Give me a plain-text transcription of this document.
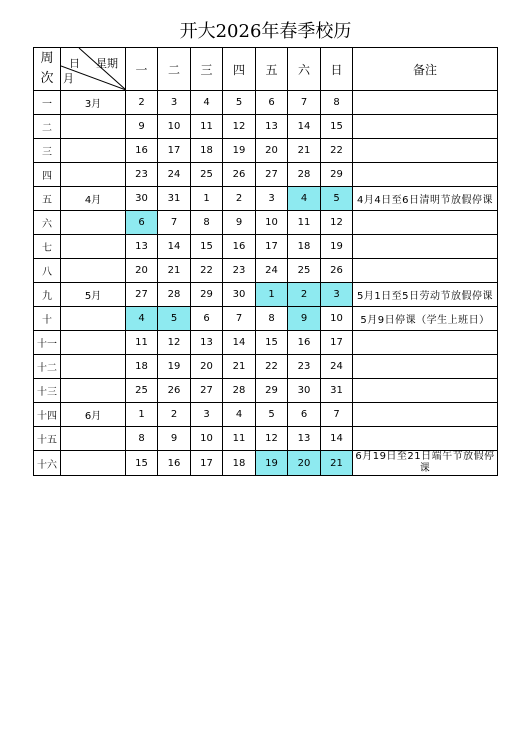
开大2026年春季校历
周次	日 星期
月	一	二	三	四	五	六	日	备注
一	3月	2	3	4	5	6	7	8	
二		9	10	11	12	13	14	15	
三		16	17	18	19	20	21	22	
四		23	24	25	26	27	28	29	
五	4月	30	31	1	2	3	4	5	4月4日至6日清明节放假停课
六		6	7	8	9	10	11	12	
七		13	14	15	16	17	18	19	
八		20	21	22	23	24	25	26	
九	5月	27	28	29	30	1	2	3	5月1日至5日劳动节放假停课
十		4	5	6	7	8	9	10	5月9日停课（学生上班日）
十一		11	12	13	14	15	16	17	
十二		18	19	20	21	22	23	24	
十三		25	26	27	28	29	30	31	
十四	6月	1	2	3	4	5	6	7	
十五		8	9	10	11	12	13	14	
十六		15	16	17	18	19	20	21	6月19日至21日端午节放假停课
